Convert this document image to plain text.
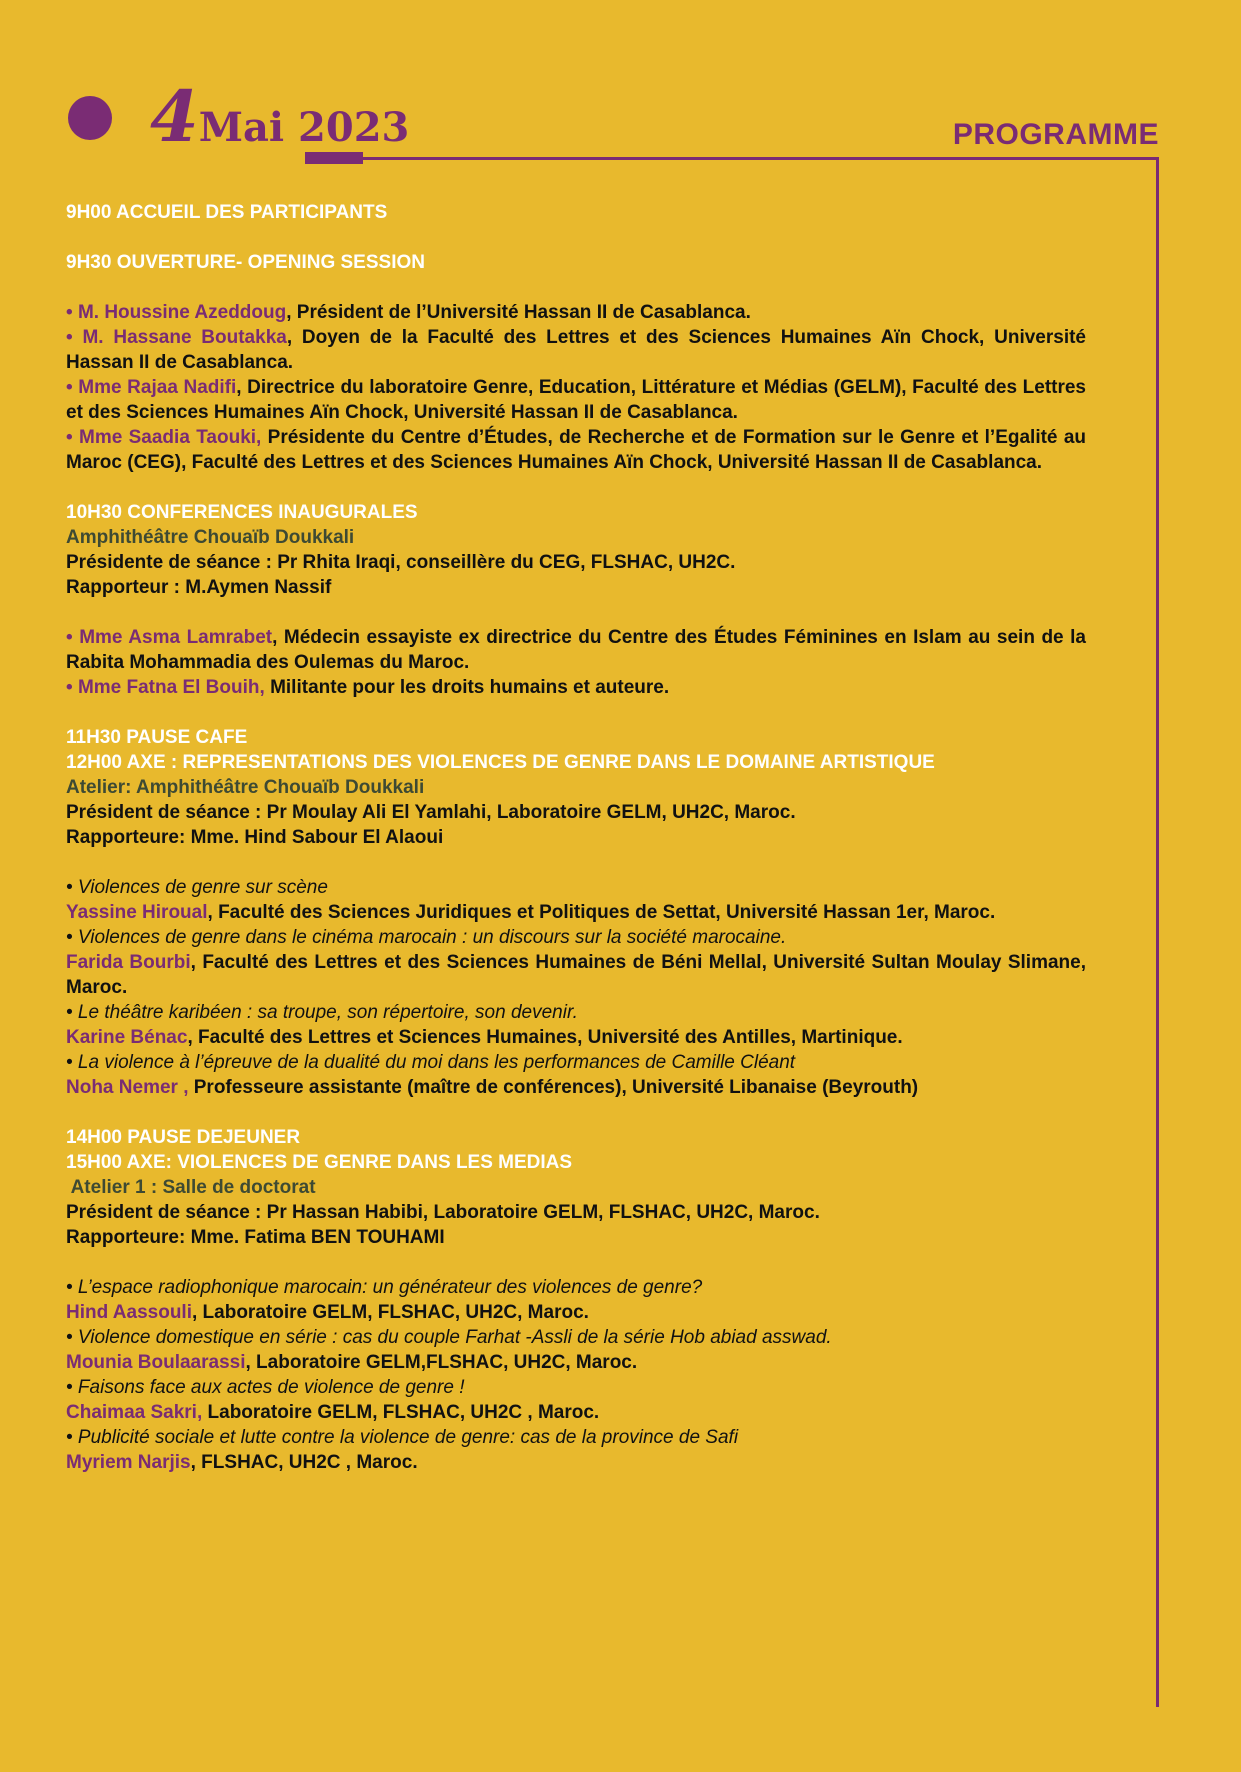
4Mai 2023	PROGRAMME

9H00 ACCUEIL DES PARTICIPANTS

9H30 OUVERTURE- OPENING SESSION

• M. Houssine Azeddoug, Président de l’Université Hassan II de Casablanca.

• M. Hassane Boutakka, Doyen de la Faculté des Lettres et des Sciences Humaines Aïn Chock, Université Hassan II de Casablanca.

• Mme Rajaa Nadifi, Directrice du laboratoire Genre, Education, Littérature et Médias (GELM), Faculté des Lettres et des Sciences Humaines Aïn Chock, Université Hassan II de Casablanca.

• Mme Saadia Taouki, Présidente du Centre d’Études, de Recherche et de Formation sur le Genre et l’Egalité au Maroc (CEG), Faculté des Lettres et des Sciences Humaines Aïn Chock, Université Hassan II de Casablanca.

10H30 CONFERENCES INAUGURALES

Amphithéâtre Chouaïb Doukkali

Présidente de séance : Pr Rhita Iraqi, conseillère du CEG, FLSHAC, UH2C.

Rapporteur : M.Aymen Nassif

• Mme Asma Lamrabet, Médecin essayiste ex directrice du Centre des Études Féminines en Islam au sein de la Rabita Mohammadia des Oulemas du Maroc.

• Mme Fatna El Bouih, Militante pour les droits humains et auteure.

11H30 PAUSE CAFE

12H00 AXE : REPRESENTATIONS DES VIOLENCES DE GENRE DANS LE DOMAINE ARTISTIQUE

Atelier: Amphithéâtre Chouaïb Doukkali

Président de séance : Pr Moulay Ali El Yamlahi, Laboratoire GELM, UH2C, Maroc.

Rapporteure: Mme. Hind Sabour El Alaoui

• Violences de genre sur scène

Yassine Hiroual, Faculté des Sciences Juridiques et Politiques de Settat, Université Hassan 1er, Maroc.

• Violences de genre dans le cinéma marocain : un discours sur la société marocaine.

Farida Bourbi, Faculté des Lettres et des Sciences Humaines de Béni Mellal, Université Sultan Moulay Slimane, Maroc.

• Le théâtre karibéen : sa troupe, son répertoire, son devenir.

Karine Bénac, Faculté des Lettres et Sciences Humaines, Université des Antilles, Martinique.

• La violence à l’épreuve de la dualité du moi dans les performances de Camille Cléant

Noha Nemer , Professeure assistante (maître de conférences), Université Libanaise (Beyrouth)

14H00 PAUSE DEJEUNER

15H00 AXE: VIOLENCES DE GENRE DANS LES MEDIAS

Atelier 1 : Salle de doctorat

Président de séance : Pr Hassan Habibi, Laboratoire GELM, FLSHAC, UH2C, Maroc.

Rapporteure: Mme. Fatima BEN TOUHAMI

• L’espace radiophonique marocain: un générateur des violences de genre?

Hind Aassouli, Laboratoire GELM, FLSHAC, UH2C, Maroc.

• Violence domestique en série : cas du couple Farhat -Assli de la série Hob abiad asswad.

Mounia Boulaarassi, Laboratoire GELM,FLSHAC, UH2C, Maroc.

• Faisons face aux actes de violence de genre !

Chaimaa Sakri, Laboratoire GELM, FLSHAC, UH2C , Maroc.

• Publicité sociale et lutte contre la violence de genre: cas de la province de Safi

Myriem Narjis, FLSHAC, UH2C , Maroc.
